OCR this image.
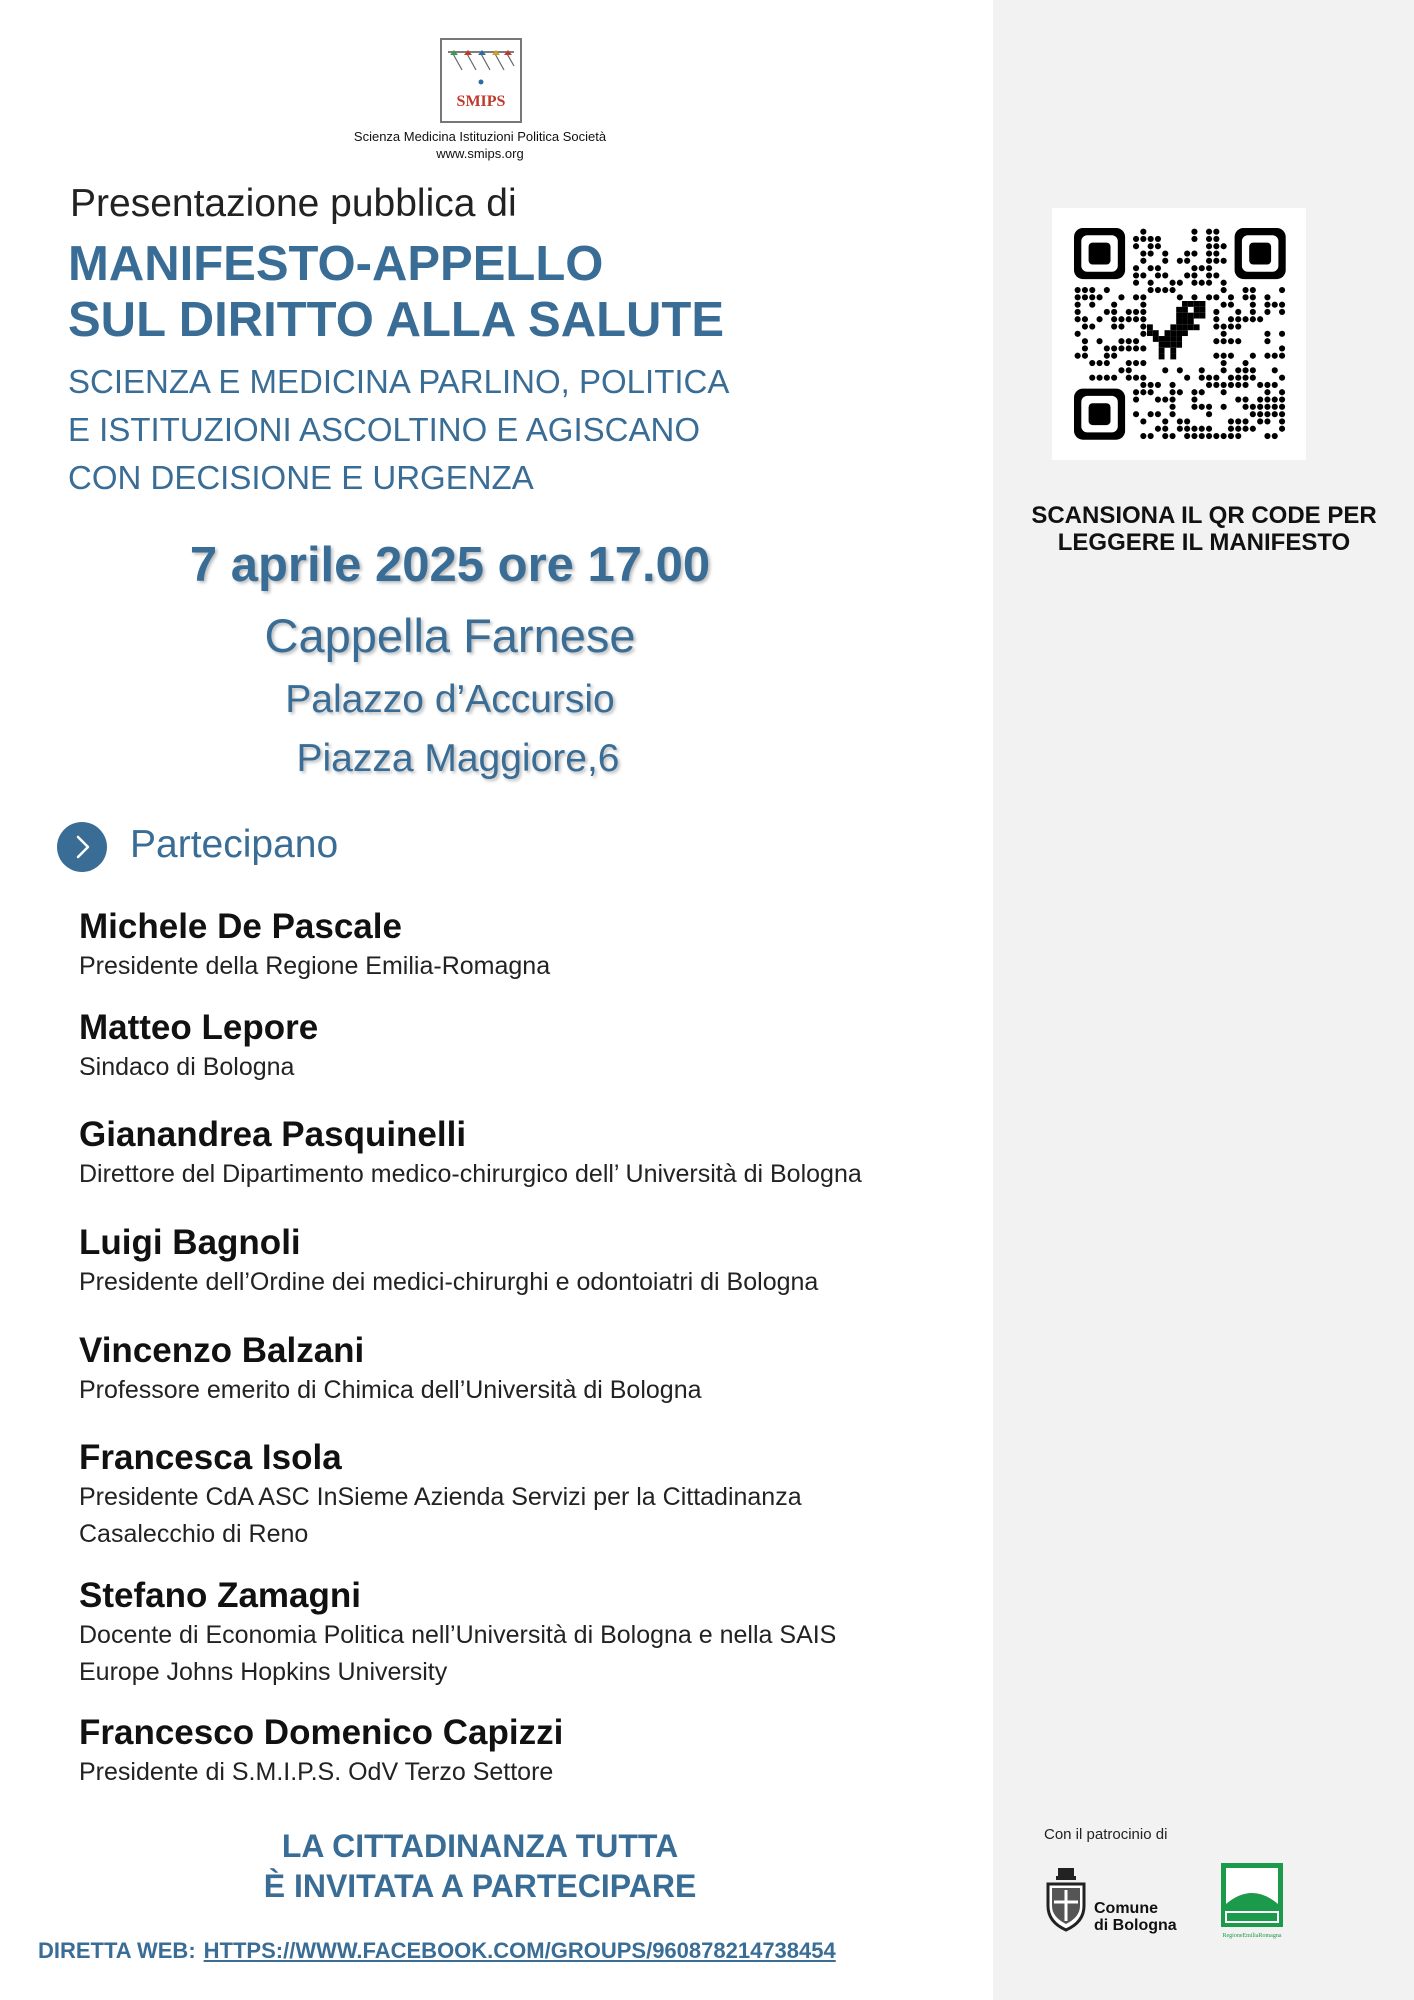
SMIPS
Scienza Medicina Istituzioni Politica Società
www.smips.org
Presentazione pubblica di
MANIFESTO-APPELLO
SUL DIRITTO ALLA SALUTE
SCIENZA E MEDICINA PARLINO, POLITICA
E ISTITUZIONI ASCOLTINO E AGISCANO
CON DECISIONE E URGENZA
7 aprile 2025 ore 17.00
Cappella Farnese
Palazzo d’Accursio
Piazza Maggiore,6
Partecipano
Michele De Pascale
Presidente della Regione Emilia-Romagna
Matteo Lepore
Sindaco di Bologna
Gianandrea Pasquinelli
Direttore del Dipartimento medico-chirurgico dell’ Università di Bologna
Luigi Bagnoli
Presidente dell’Ordine dei medici-chirurghi e odontoiatri di Bologna
Vincenzo Balzani
Professore emerito di Chimica dell’Università di Bologna
Francesca Isola
Presidente CdA ASC InSieme Azienda Servizi per la Cittadinanza
Casalecchio di Reno
Stefano Zamagni
Docente di Economia Politica nell’Università di Bologna e nella SAIS
Europe Johns Hopkins University
Francesco Domenico Capizzi
Presidente di S.M.I.P.S. OdV Terzo Settore
LA CITTADINANZA TUTTA
È INVITATA A PARTECIPARE
DIRETTA WEB: HTTPS://WWW.FACEBOOK.COM/GROUPS/960878214738454
SCANSIONA IL QR CODE PER
LEGGERE IL MANIFESTO
Con il patrocinio di
Comune
di Bologna
RegioneEmiliaRomagna
